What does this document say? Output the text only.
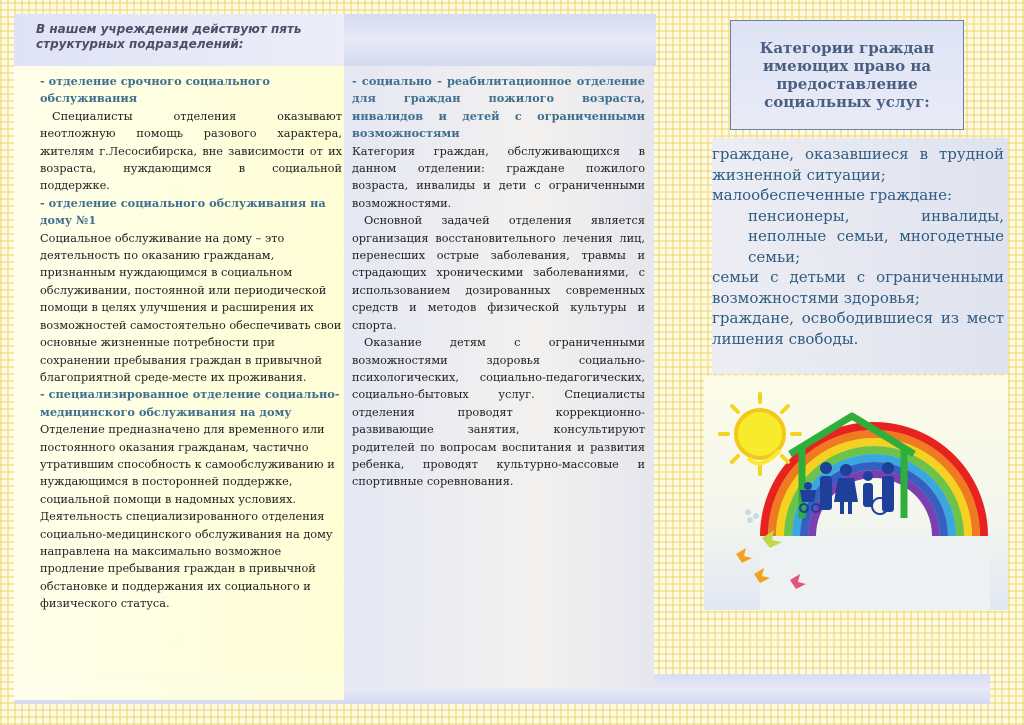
В нашем учреждении действуют пять структурных подразделений:

- отделение срочного социального обслуживания

Специалисты отделения оказывают неотложную помощь разового характера, жителям г.Лесосибирска, вне зависимости от их возраста, нуждающимся в социальной поддержке.

- отделение социального обслуживания на дому №1

Социальное обслуживание на дому – это деятельность по оказанию гражданам, признанным нуждающимся в социальном обслуживании, постоянной или периодической помощи в целях улучшения и расширения их возможностей самостоятельно обеспечивать свои основные жизненные потребности при сохранении пребывания граждан в привычной благоприятной среде-месте их проживания.

- специализированное отделение социально-медицинского обслуживания на дому

Отделение предназначено для временного или постоянного оказания гражданам, частично утратившим способность к самообслуживанию и нуждающимся в посторонней поддержке, социальной помощи в надомных условиях.

Деятельность специализированного отделения социально-медицинского обслуживания на дому направлена на максимально возможное продление пребывания граждан в привычной обстановке и поддержания их социального и физического статуса.

- социально - реабилитационное отделение для граждан пожилого возраста, инвалидов и детей с ограниченными возможностями

Категория граждан, обслуживающихся в данном отделении: граждане пожилого возраста, инвалиды и дети с ограниченными возможностями.

Основной задачей отделения является организация восстановительного лечения лиц, перенесших острые заболевания, травмы и страдающих хроническими заболеваниями, с использованием дозированных современных средств и методов физической культуры и спорта.

Оказание детям с ограниченными возможностями здоровья социально-психологических, социально-педагогических, социально-бытовых услуг. Специалисты отделения проводят коррекционно-развивающие занятия, консультируют родителей по вопросам воспитания и развития ребенка, проводят культурно-массовые и спортивные соревнования.

Категории граждан имеющих право на предоставление социальных услуг:

граждане, оказавшиеся в трудной жизненной ситуации;

малообеспеченные граждане:

пенсионеры, инвалиды, неполные семьи, многодетные семьи;

семьи с детьми с ограниченными возможностями здоровья;

граждане, освободившиеся из мест лишения свободы.
